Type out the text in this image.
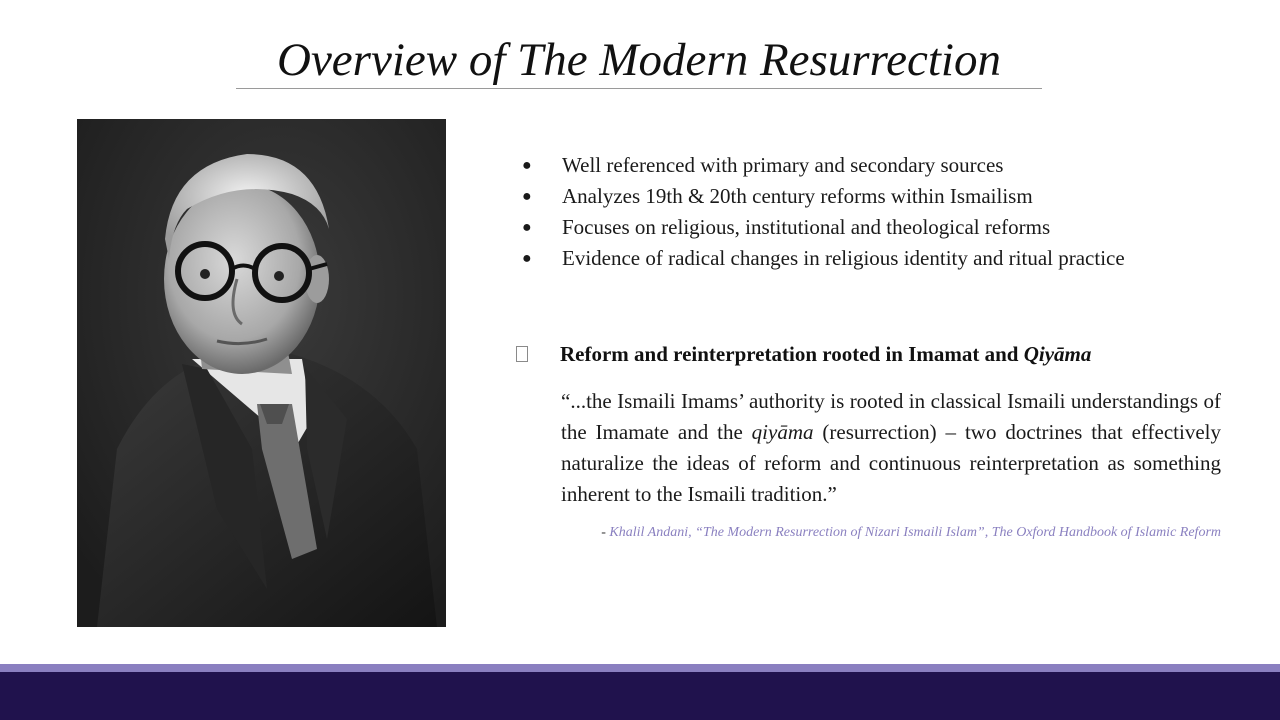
Overview of The Modern Resurrection
● Well referenced with primary and secondary sources
● Analyzes 19th & 20th century reforms within Ismailism
● Focuses on religious, institutional and theological reforms
● Evidence of radical changes in religious identity and ritual practice
Reform and reinterpretation rooted in Imamat and Qiyāma
“...the Ismaili Imams’ authority is rooted in classical Ismaili understandings of the Imamate and the qiyāma (resurrection) – two doctrines that effectively naturalize the ideas of reform and continuous reinterpretation as something inherent to the Ismaili tradition.”
- Khalil Andani, “The Modern Resurrection of Nizari Ismaili Islam”, The Oxford Handbook of Islamic Reform
